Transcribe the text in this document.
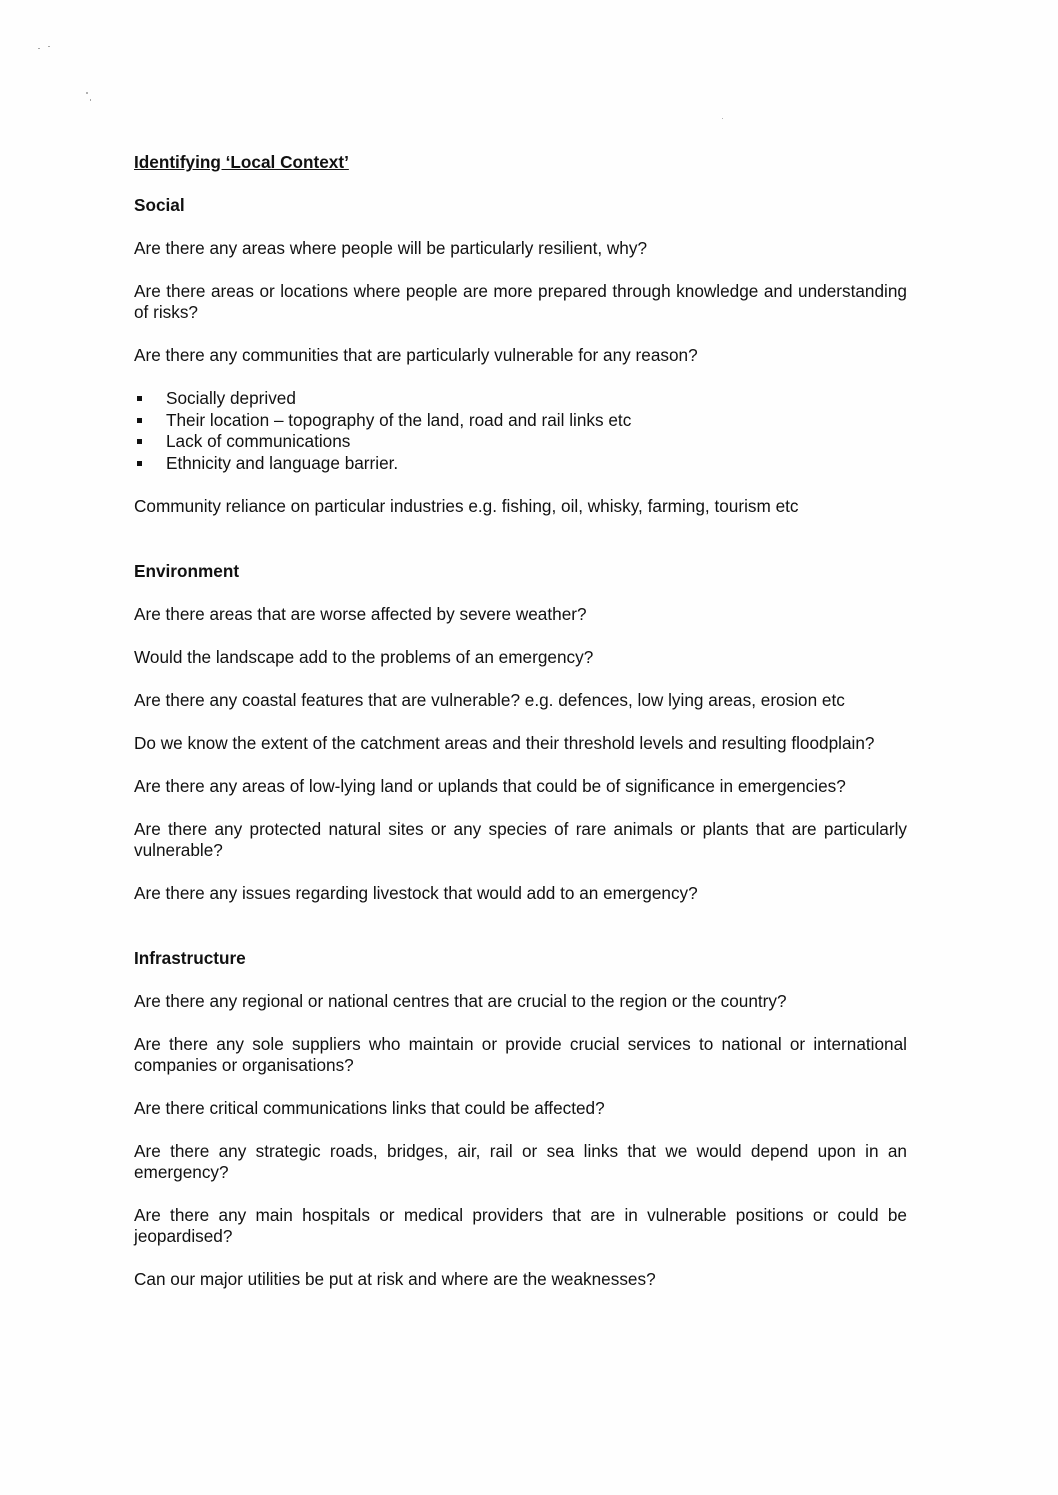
Identifying ‘Local Context’
Social

Are there any areas where people will be particularly resilient, why?

Are there areas or locations where people are more prepared through knowledge and understanding of risks?

Are there any communities that are particularly vulnerable for any reason?

Socially deprived
Their location – topography of the land, road and rail links etc
Lack of communications
Ethnicity and language barrier.

Community reliance on particular industries e.g. fishing, oil, whisky, farming, tourism etc

Environment

Are there areas that are worse affected by severe weather?

Would the landscape add to the problems of an emergency?

Are there any coastal features that are vulnerable? e.g. defences, low lying areas, erosion etc

Do we know the extent of the catchment areas and their threshold levels and resulting floodplain?

Are there any areas of low-lying land or uplands that could be of significance in emergencies?

Are there any protected natural sites or any species of rare animals or plants that are particularly vulnerable?

Are there any issues regarding livestock that would add to an emergency?

Infrastructure

Are there any regional or national centres that are crucial to the region or the country?

Are there any sole suppliers who maintain or provide crucial services to national or international companies or organisations?

Are there critical communications links that could be affected?

Are there any strategic roads, bridges, air, rail or sea links that we would depend upon in an emergency?

Are there any main hospitals or medical providers that are in vulnerable positions or could be jeopardised?

Can our major utilities be put at risk and where are the weaknesses?
